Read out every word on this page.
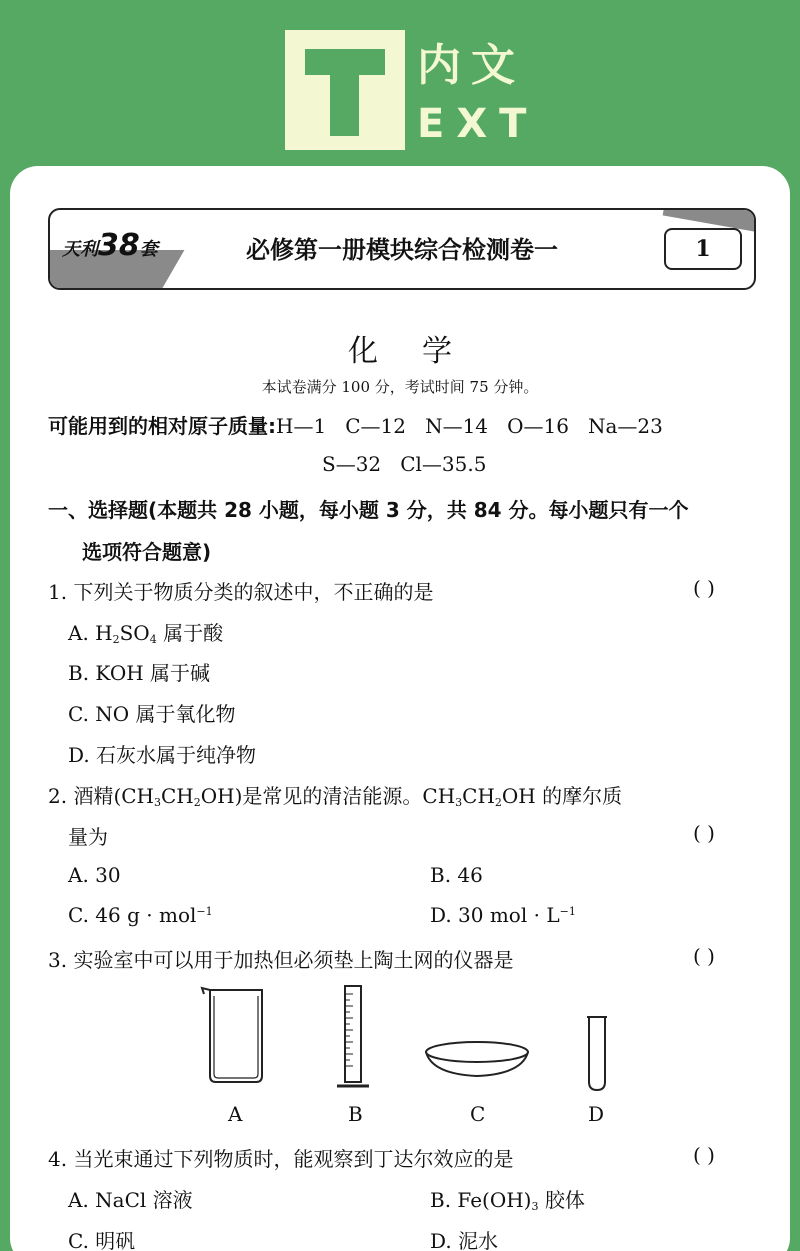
内文
EXT
天利38套	必修第一册模块综合检测卷一	1
化学
本试卷满分 100 分，考试时间 75 分钟。
可能用到的相对原子质量:H—1   C—12   N—14   O—16   Na—23
S—32   Cl—35.5
一、选择题(本题共 28 小题，每小题 3 分，共 84 分。每小题只有一个
选项符合题意)
1. 下列关于物质分类的叙述中，不正确的是	( )
A. $H_2SO_4$ 属于酸
B. KOH 属于碱
C. NO 属于氧化物
D. 石灰水属于纯净物
2. 酒精$(CH_3CH_2OH)$是常见的清洁能源。$CH_3CH_2OH$ 的摩尔质
量为	( )
A. 30	B. 46
C. 46 g · mol$^{-1}$	D. 30 mol · $L^{-1}$
3. 实验室中可以用于加热但必须垫上陶土网的仪器是	( )
A	B	C	D
4. 当光束通过下列物质时，能观察到丁达尔效应的是	( )
A. NaCl 溶液	B. $Fe(OH)_3$ 胶体
C. 明矾	D. 泥水
